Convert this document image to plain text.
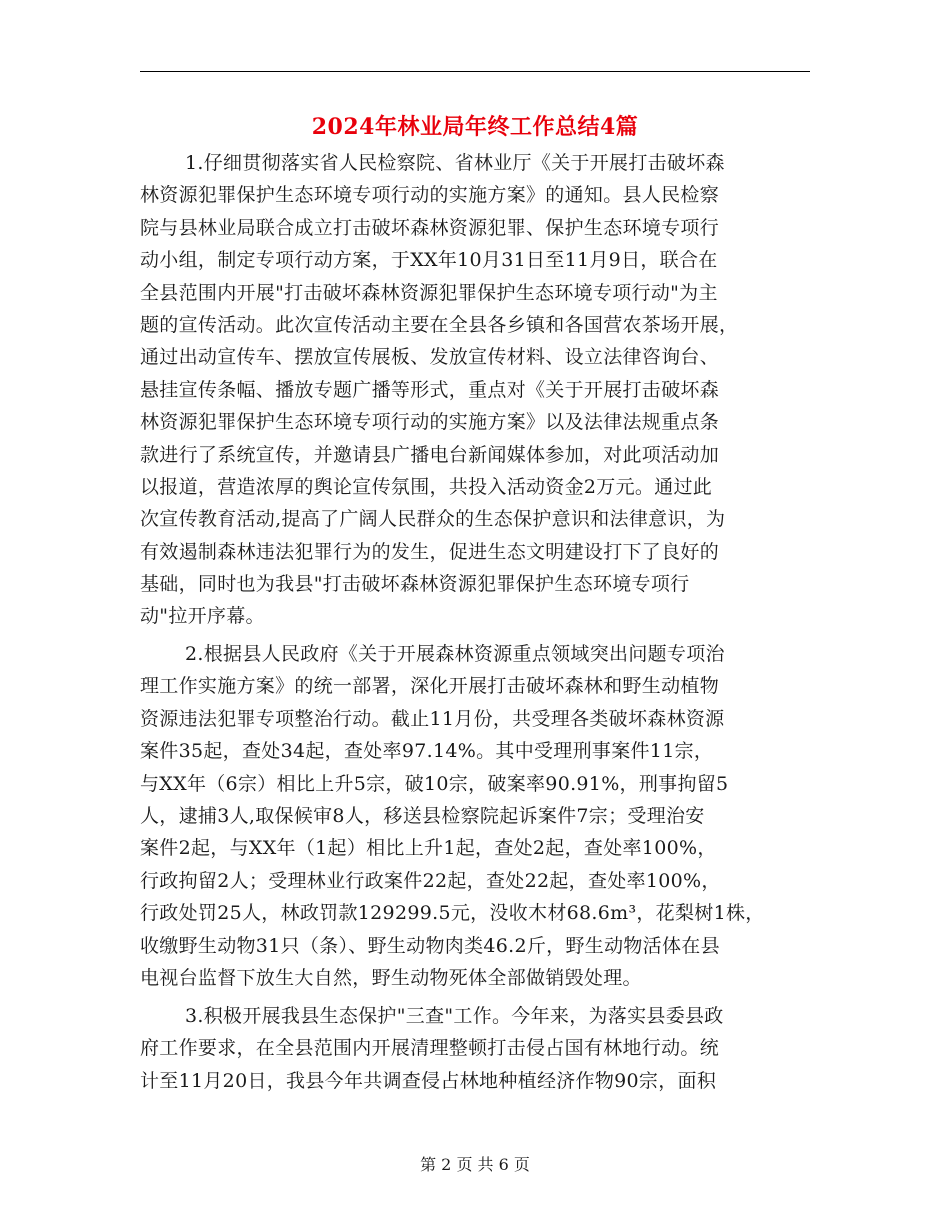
2024年林业局年终工作总结4篇
1.仔细贯彻落实省人民检察院、省林业厅《关于开展打击破坏森
林资源犯罪保护生态环境专项行动的实施方案》的通知。县人民检察
院与县林业局联合成立打击破坏森林资源犯罪、保护生态环境专项行
动小组，制定专项行动方案，于XX年10月31日至11月9日，联合在
全县范围内开展"打击破坏森林资源犯罪保护生态环境专项行动"为主
题的宣传活动。此次宣传活动主要在全县各乡镇和各国营农茶场开展，
通过出动宣传车、摆放宣传展板、发放宣传材料、设立法律咨询台、
悬挂宣传条幅、播放专题广播等形式，重点对《关于开展打击破坏森
林资源犯罪保护生态环境专项行动的实施方案》以及法律法规重点条
款进行了系统宣传，并邀请县广播电台新闻媒体参加，对此项活动加
以报道，营造浓厚的舆论宣传氛围，共投入活动资金2万元。通过此
次宣传教育活动,提高了广阔人民群众的生态保护意识和法律意识，为
有效遏制森林违法犯罪行为的发生，促进生态文明建设打下了良好的
基础，同时也为我县"打击破坏森林资源犯罪保护生态环境专项行
动"拉开序幕。
2.根据县人民政府《关于开展森林资源重点领域突出问题专项治
理工作实施方案》的统一部署，深化开展打击破坏森林和野生动植物
资源违法犯罪专项整治行动。截止11月份，共受理各类破坏森林资源
案件35起，查处34起，查处率97.14%。其中受理刑事案件11宗，
与XX年（6宗）相比上升5宗，破10宗，破案率90.91%，刑事拘留5
人，逮捕3人,取保候审8人，移送县检察院起诉案件7宗；受理治安
案件2起，与XX年（1起）相比上升1起，查处2起，查处率100%，
行政拘留2人；受理林业行政案件22起，查处22起，查处率100%，
行政处罚25人，林政罚款129299.5元，没收木材68.6m³，花梨树1株，
收缴野生动物31只（条）、野生动物肉类46.2斤，野生动物活体在县
电视台监督下放生大自然，野生动物死体全部做销毁处理。
3.积极开展我县生态保护"三查"工作。今年来，为落实县委县政
府工作要求，在全县范围内开展清理整顿打击侵占国有林地行动。统
计至11月20日，我县今年共调查侵占林地种植经济作物90宗，面积
第 2 页 共 6 页
